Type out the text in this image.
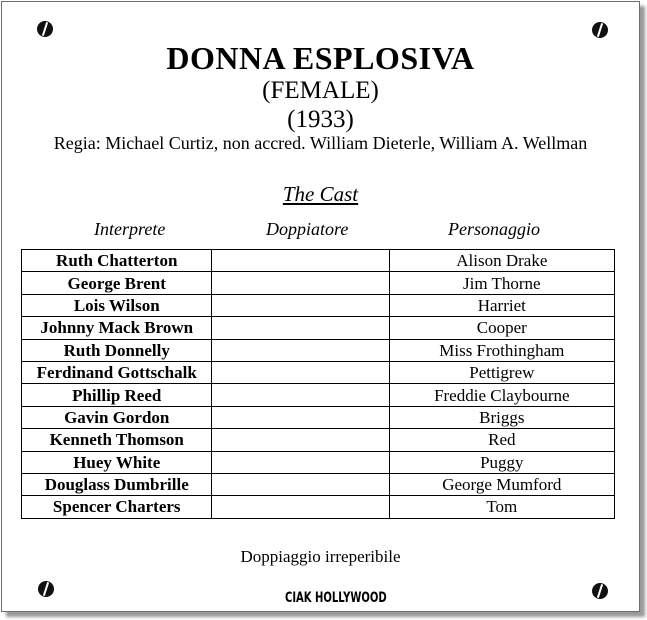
DONNA ESPLOSIVA
(FEMALE)
(1933)
Regia: Michael Curtiz, non accred. William Dieterle, William A. Wellman
The Cast
Interprete	Doppiatore	Personaggio
Ruth Chatterton		Alison Drake
George Brent		Jim Thorne
Lois Wilson		Harriet
Johnny Mack Brown		Cooper
Ruth Donnelly		Miss Frothingham
Ferdinand Gottschalk		Pettigrew
Phillip Reed		Freddie Claybourne
Gavin Gordon		Briggs
Kenneth Thomson		Red
Huey White		Puggy
Douglass Dumbrille		George Mumford
Spencer Charters		Tom
Doppiaggio irreperibile
CIAK HOLLYWOOD
